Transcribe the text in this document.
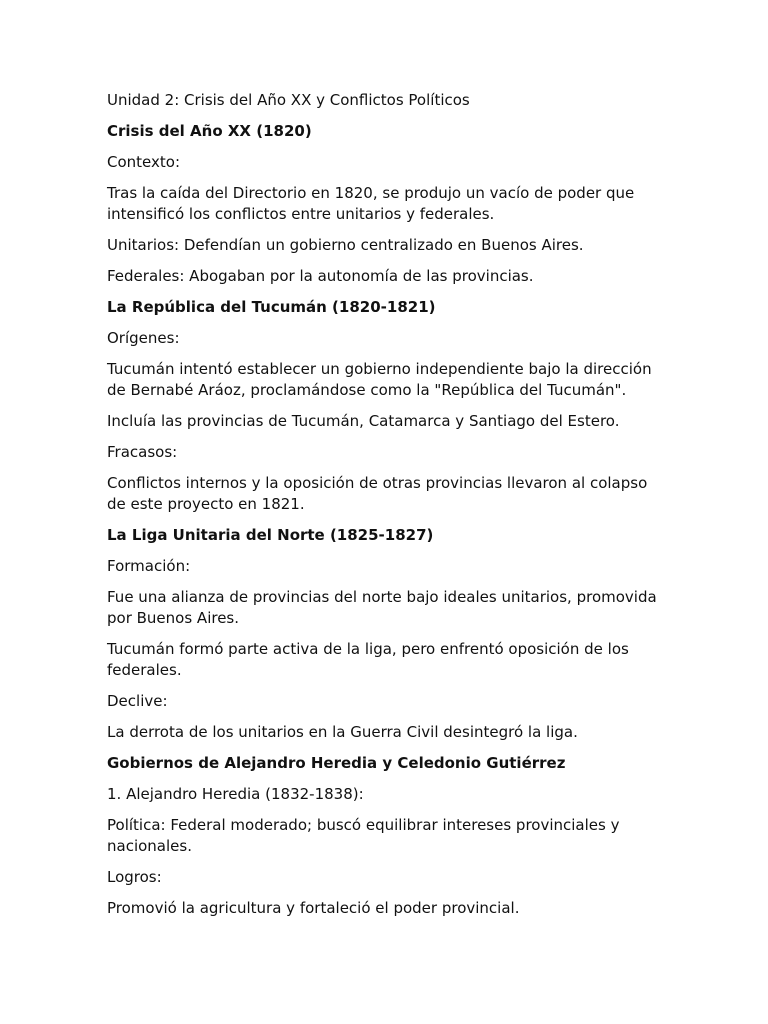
Unidad 2: Crisis del Año XX y Conflictos Políticos

Crisis del Año XX (1820)

Contexto:

Tras la caída del Directorio en 1820, se produjo un vacío de poder que intensificó los conflictos entre unitarios y federales.

Unitarios: Defendían un gobierno centralizado en Buenos Aires.

Federales: Abogaban por la autonomía de las provincias.

La República del Tucumán (1820-1821)

Orígenes:

Tucumán intentó establecer un gobierno independiente bajo la dirección de Bernabé Aráoz, proclamándose como la "República del Tucumán".

Incluía las provincias de Tucumán, Catamarca y Santiago del Estero.

Fracasos:

Conflictos internos y la oposición de otras provincias llevaron al colapso de este proyecto en 1821.

La Liga Unitaria del Norte (1825-1827)

Formación:

Fue una alianza de provincias del norte bajo ideales unitarios, promovida por Buenos Aires.

Tucumán formó parte activa de la liga, pero enfrentó oposición de los federales.

Declive:

La derrota de los unitarios en la Guerra Civil desintegró la liga.

Gobiernos de Alejandro Heredia y Celedonio Gutiérrez

1. Alejandro Heredia (1832-1838):

Política: Federal moderado; buscó equilibrar intereses provinciales y nacionales.

Logros:

Promovió la agricultura y fortaleció el poder provincial.
